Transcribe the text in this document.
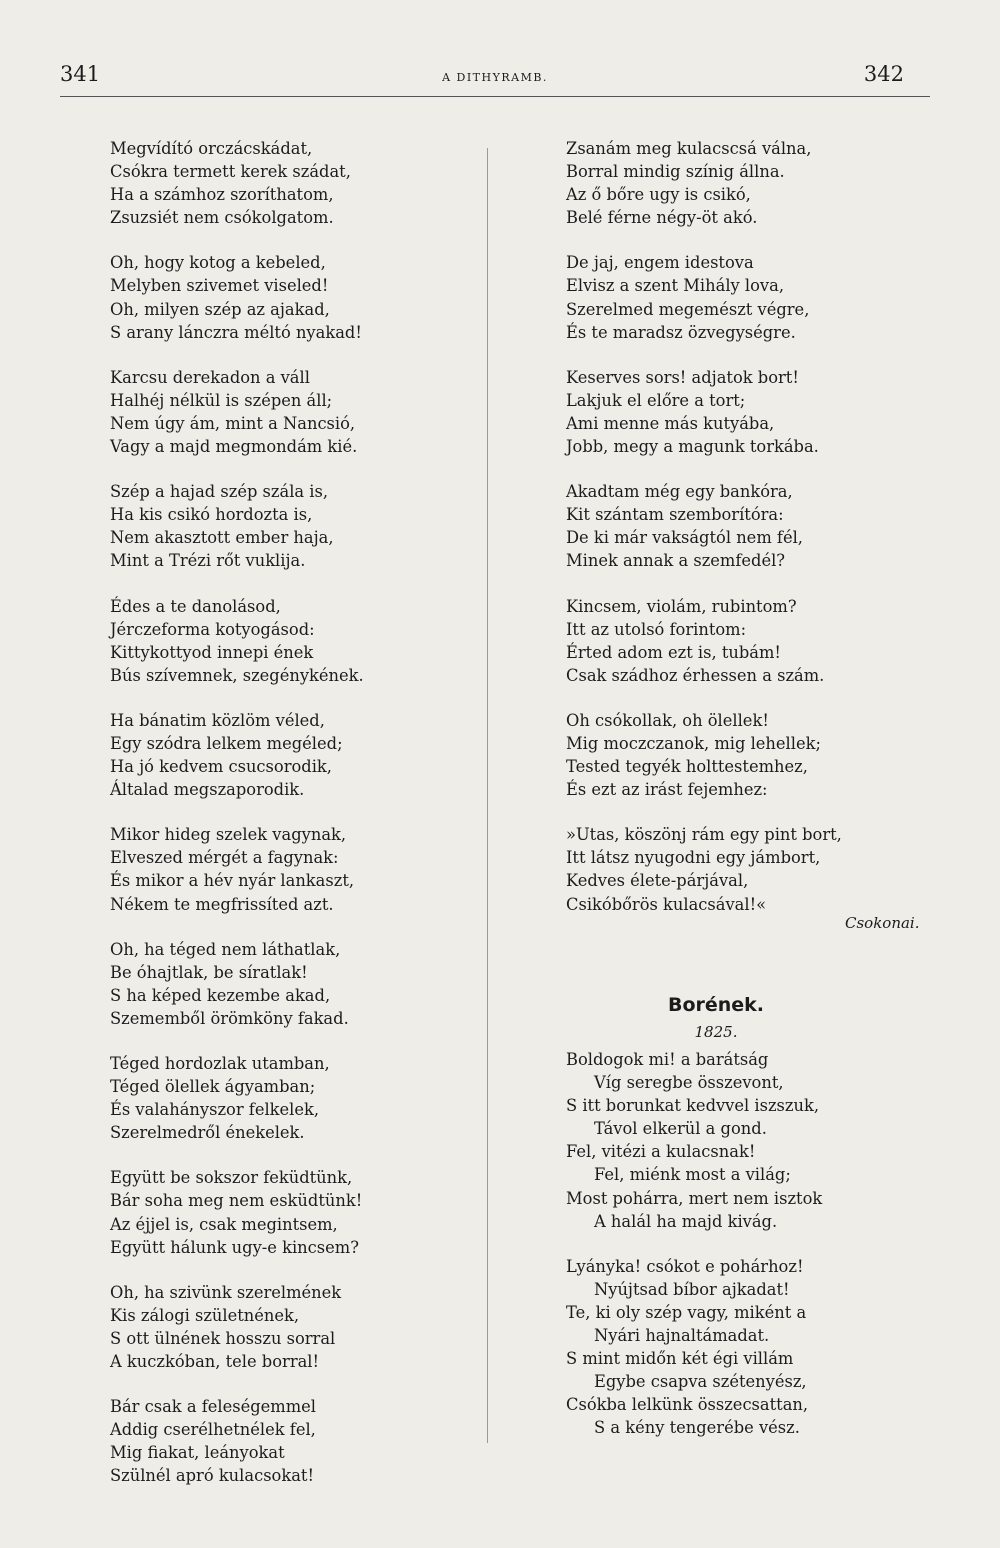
341	A DITHYRAMB.	342
Megvídító orczácskádat,
Csókra termett kerek szádat,
Ha a számhoz szoríthatom,
Zsuzsiét nem csókolgatom.
Oh, hogy kotog a kebeled,
Melyben szivemet viseled!
Oh, milyen szép az ajakad,
S arany lánczra méltó nyakad!
Karcsu derekadon a váll
Halhéj nélkül is szépen áll;
Nem úgy ám, mint a Nancsió,
Vagy a majd megmondám kié.
Szép a hajad szép szála is,
Ha kis csikó hordozta is,
Nem akasztott ember haja,
Mint a Trézi rőt vuklija.
Édes a te danolásod,
Jérczeforma kotyogásod:
Kittykottyod innepi ének
Bús szívemnek, szegénykének.
Ha bánatim közlöm véled,
Egy szódra lelkem megéled;
Ha jó kedvem csucsorodik,
Általad megszaporodik.
Mikor hideg szelek vagynak,
Elveszed mérgét a fagynak:
És mikor a hév nyár lankaszt,
Nékem te megfrissíted azt.
Oh, ha téged nem láthatlak,
Be óhajtlak, be síratlak!
S ha képed kezembe akad,
Szememből örömköny fakad.
Téged hordozlak utamban,
Téged ölellek ágyamban;
És valahányszor felkelek,
Szerelmedről énekelek.
Együtt be sokszor feküdtünk,
Bár soha meg nem esküdtünk!
Az éjjel is, csak megintsem,
Együtt hálunk ugy-e kincsem?
Oh, ha szivünk szerelmének
Kis zálogi születnének,
S ott ülnének hosszu sorral
A kuczkóban, tele borral!
Bár csak a feleségemmel
Addig cserélhetnélek fel,
Mig fiakat, leányokat
Szülnél apró kulacsokat!
Zsanám meg kulacscsá válna,
Borral mindig színig állna.
Az ő bőre ugy is csikó,
Belé férne négy-öt akó.
De jaj, engem idestova
Elvisz a szent Mihály lova,
Szerelmed megemészt végre,
És te maradsz özvegységre.
Keserves sors! adjatok bort!
Lakjuk el előre a tort;
Ami menne más kutyába,
Jobb, megy a magunk torkába.
Akadtam még egy bankóra,
Kit szántam szemborítóra:
De ki már vakságtól nem fél,
Minek annak a szemfedél?
Kincsem, violám, rubintom?
Itt az utolsó forintom:
Érted adom ezt is, tubám!
Csak szádhoz érhessen a szám.
Oh csókollak, oh ölellek!
Mig moczczanok, mig lehellek;
Tested tegyék holttestemhez,
És ezt az irást fejemhez:
»Utas, köszönj rám egy pint bort,
Itt látsz nyugodni egy jámbort,
Kedves élete-párjával,
Csikóbőrös kulacsával!«
Csokonai.
Borének.
1825.
Boldogok mi! a barátság
Víg seregbe összevont,
S itt borunkat kedvvel iszszuk,
Távol elkerül a gond.
Fel, vitézi a kulacsnak!
Fel, miénk most a világ;
Most pohárra, mert nem isztok
A halál ha majd kivág.
Lyányka! csókot e pohárhoz!
Nyújtsad bíbor ajkadat!
Te, ki oly szép vagy, miként a
Nyári hajnaltámadat.
S mint midőn két égi villám
Egybe csapva szétenyész,
Csókba lelkünk összecsattan,
S a kény tengerébe vész.
